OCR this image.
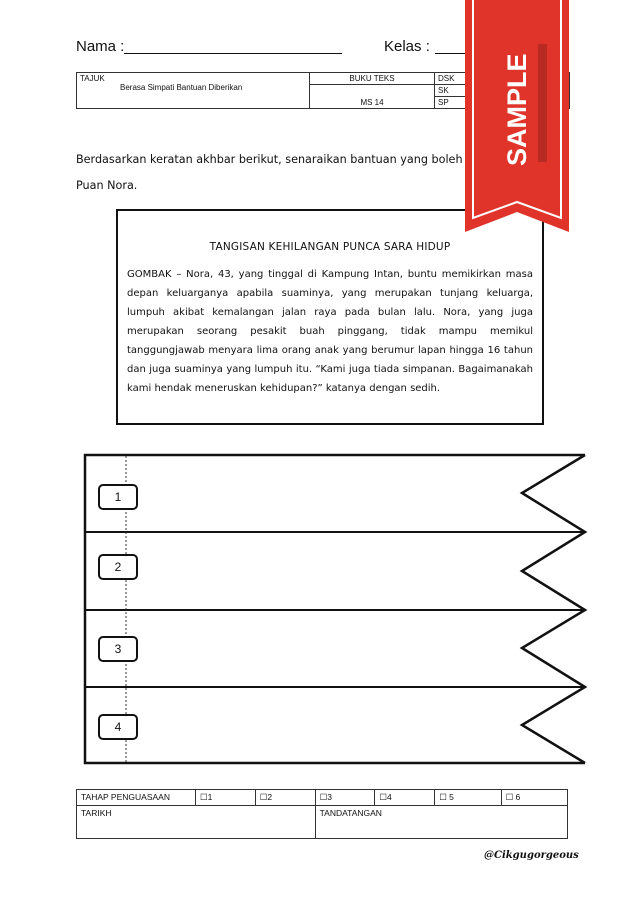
Nama :	Kelas :
TAJUK
Berasa Simpati Bantuan Diberikan	BUKU TEKS	DSK
	MS 14	SK
		SP
Berdasarkan keratan akhbar berikut, senaraikan bantuan yang boleh
Puan Nora.
TANGISAN KEHILANGAN PUNCA SARA HIDUP
GOMBAK – Nora, 43, yang tinggal di Kampung Intan, buntu memikirkan masa depan keluarganya apabila suaminya, yang merupakan tunjang keluarga, lumpuh akibat kemalangan jalan raya pada bulan lalu. Nora, yang juga merupakan seorang pesakit buah pinggang, tidak mampu memikul tanggungjawab menyara lima orang anak yang berumur lapan hingga 16 tahun dan juga suaminya yang lumpuh itu. “Kami juga tiada simpanan. Bagaimanakah kami hendak meneruskan kehidupan?” katanya dengan sedih.
1
2
3
4
SAMPLE
TAHAP PENGUASAAN	☐1	☐2	☐3	☐4	☐ 5	☐ 6
TARIKH			TANDATANGAN			
@Cikgugorgeous
